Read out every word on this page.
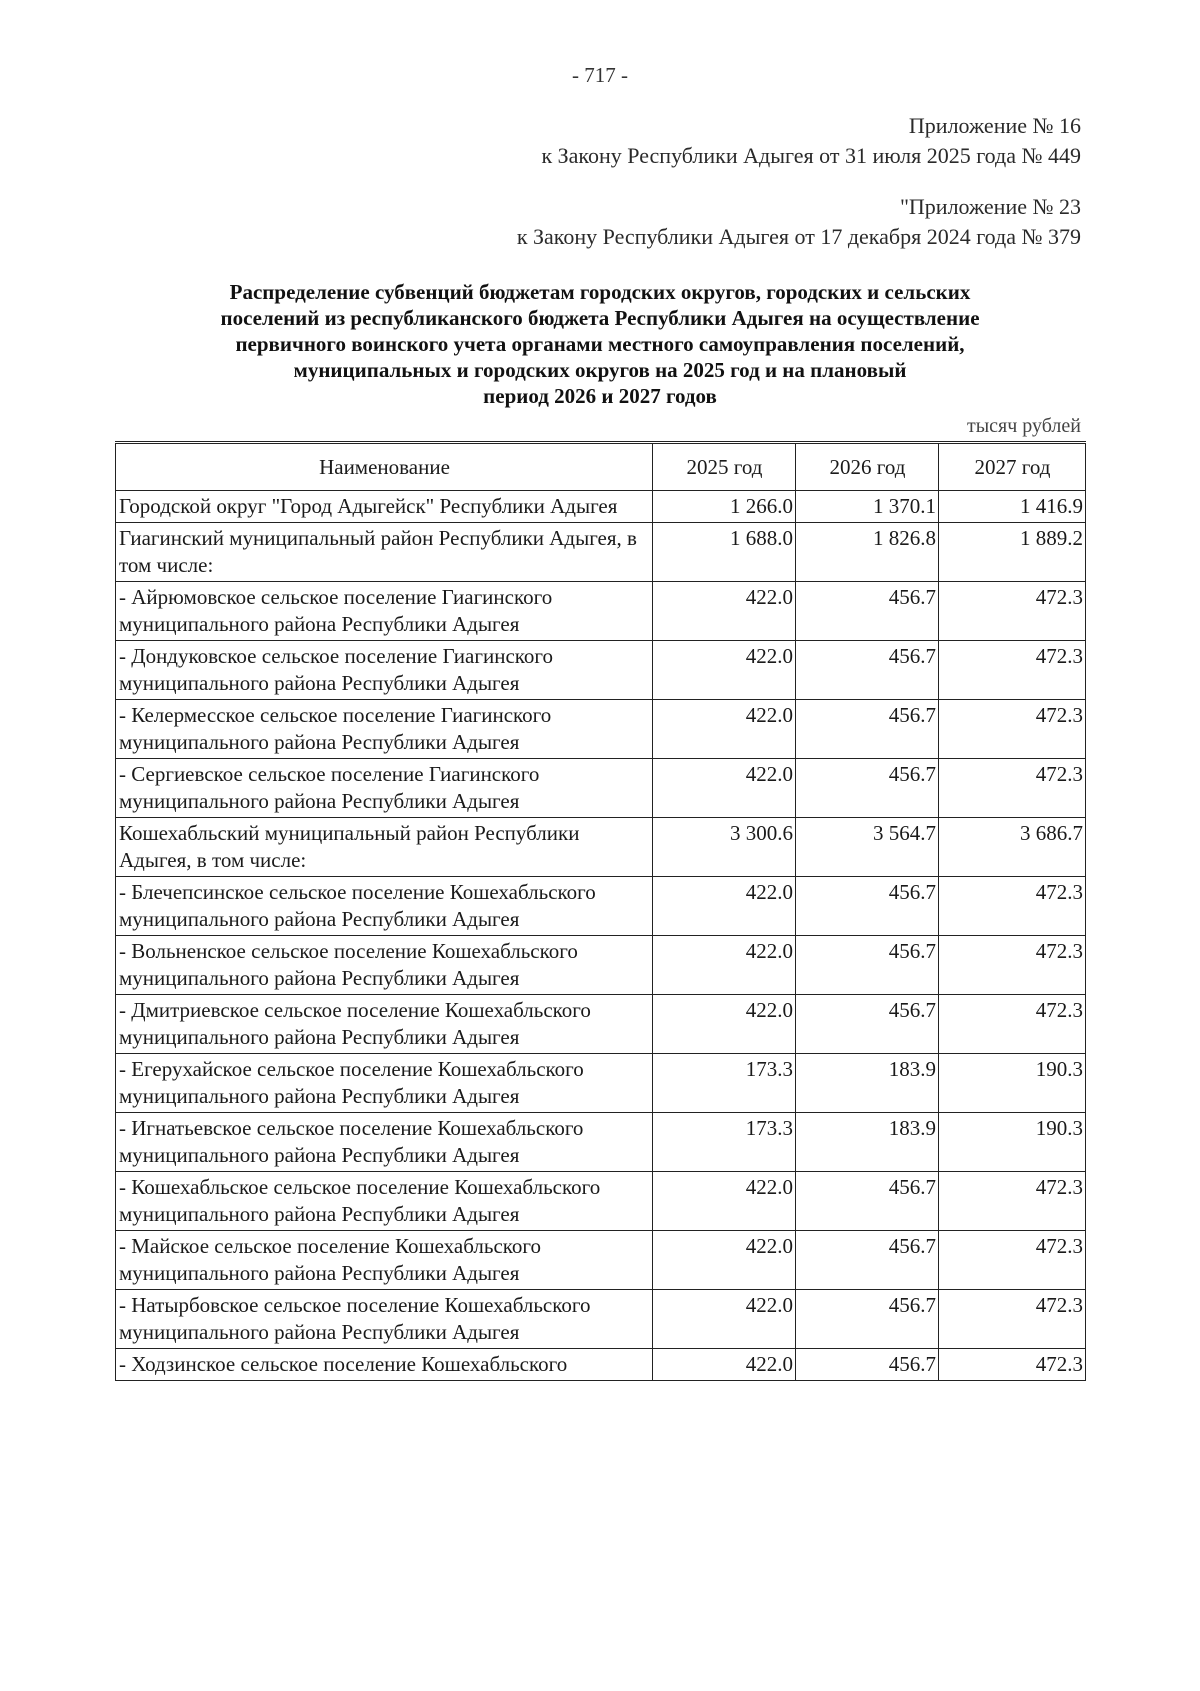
- 717 -
Приложение № 16
к Закону Республики Адыгея от 31 июля 2025 года № 449
"Приложение № 23
к Закону Республики Адыгея от 17 декабря 2024 года № 379
Распределение субвенций бюджетам городских округов, городских и сельских
поселений из республиканского бюджета Республики Адыгея на осуществление
первичного воинского учета органами местного самоуправления поселений,
муниципальных и городских округов на 2025 год и на плановый
период 2026 и 2027 годов
тысяч рублей
Наименование	2025 год	2026 год	2027 год
Городской округ "Город Адыгейск" Республики Адыгея	1 266.0	1 370.1	1 416.9
Гиагинский муниципальный район Республики Адыгея, в том числе:	1 688.0	1 826.8	1 889.2
- Айрюмовское сельское поселение Гиагинского муниципального района Республики Адыгея	422.0	456.7	472.3
- Дондуковское сельское поселение Гиагинского муниципального района Республики Адыгея	422.0	456.7	472.3
- Келермесское сельское поселение Гиагинского муниципального района Республики Адыгея	422.0	456.7	472.3
- Сергиевское сельское поселение Гиагинского муниципального района Республики Адыгея	422.0	456.7	472.3
Кошехабльский муниципальный район Республики Адыгея, в том числе:	3 300.6	3 564.7	3 686.7
- Блечепсинское сельское поселение Кошехабльского муниципального района Республики Адыгея	422.0	456.7	472.3
- Вольненское сельское поселение Кошехабльского муниципального района Республики Адыгея	422.0	456.7	472.3
- Дмитриевское сельское поселение Кошехабльского муниципального района Республики Адыгея	422.0	456.7	472.3
- Егерухайское сельское поселение Кошехабльского муниципального района Республики Адыгея	173.3	183.9	190.3
- Игнатьевское сельское поселение Кошехабльского муниципального района Республики Адыгея	173.3	183.9	190.3
- Кошехабльское сельское поселение Кошехабльского муниципального района Республики Адыгея	422.0	456.7	472.3
- Майское сельское поселение Кошехабльского муниципального района Республики Адыгея	422.0	456.7	472.3
- Натырбовское сельское поселение Кошехабльского муниципального района Республики Адыгея	422.0	456.7	472.3
- Ходзинское сельское поселение Кошехабльского	422.0	456.7	472.3
